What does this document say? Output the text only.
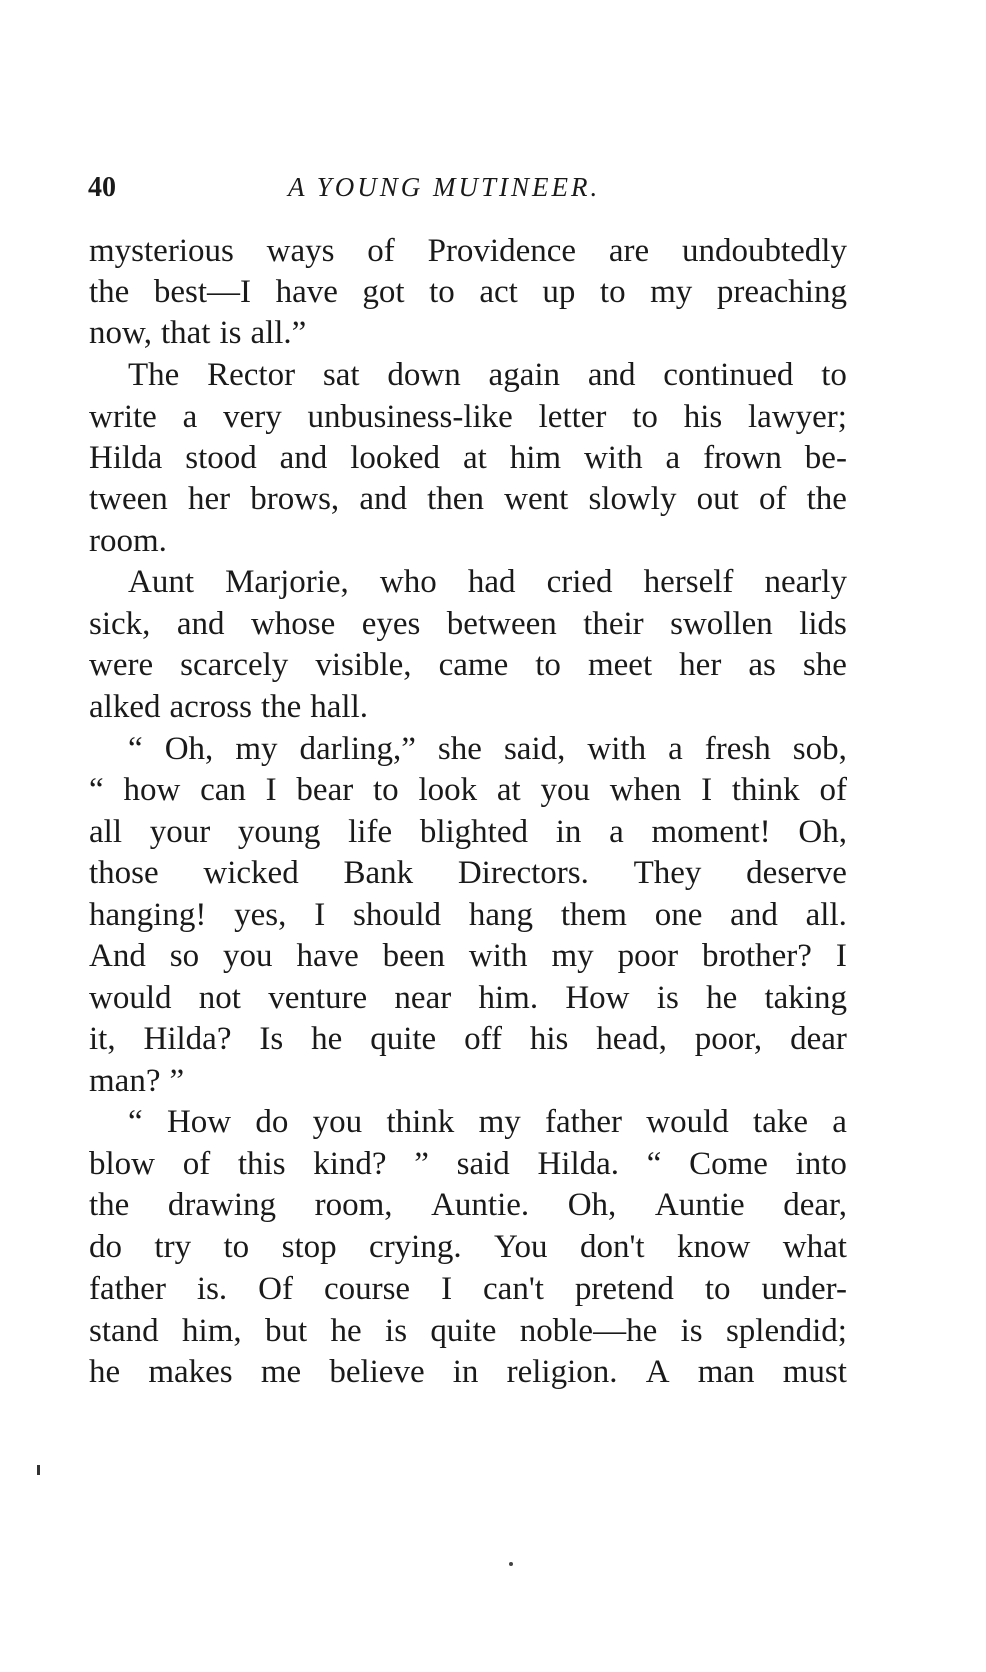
40	A YOUNG MUTINEER.
mysterious ways of Providence are undoubtedly
the best—I have got to act up to my preaching
now, that is all.”
The Rector sat down again and continued to
write a very unbusiness-like letter to his lawyer;
Hilda stood and looked at him with a frown be-
tween her brows, and then went slowly out of the
room.
Aunt Marjorie, who had cried herself nearly
sick, and whose eyes between their swollen lids
were scarcely visible, came to meet her as she
alked across the hall.
“ Oh, my darling,” she said, with a fresh sob,
“ how can I bear to look at you when I think of
all your young life blighted in a moment! Oh,
those wicked Bank Directors. They deserve
hanging! yes, I should hang them one and all.
And so you have been with my poor brother? I
would not venture near him. How is he taking
it, Hilda? Is he quite off his head, poor, dear
man? ”
“ How do you think my father would take a
blow of this kind? ” said Hilda. “ Come into
the drawing room, Auntie. Oh, Auntie dear,
do try to stop crying. You don't know what
father is. Of course I can't pretend to under-
stand him, but he is quite noble—he is splendid;
he makes me believe in religion. A man must
